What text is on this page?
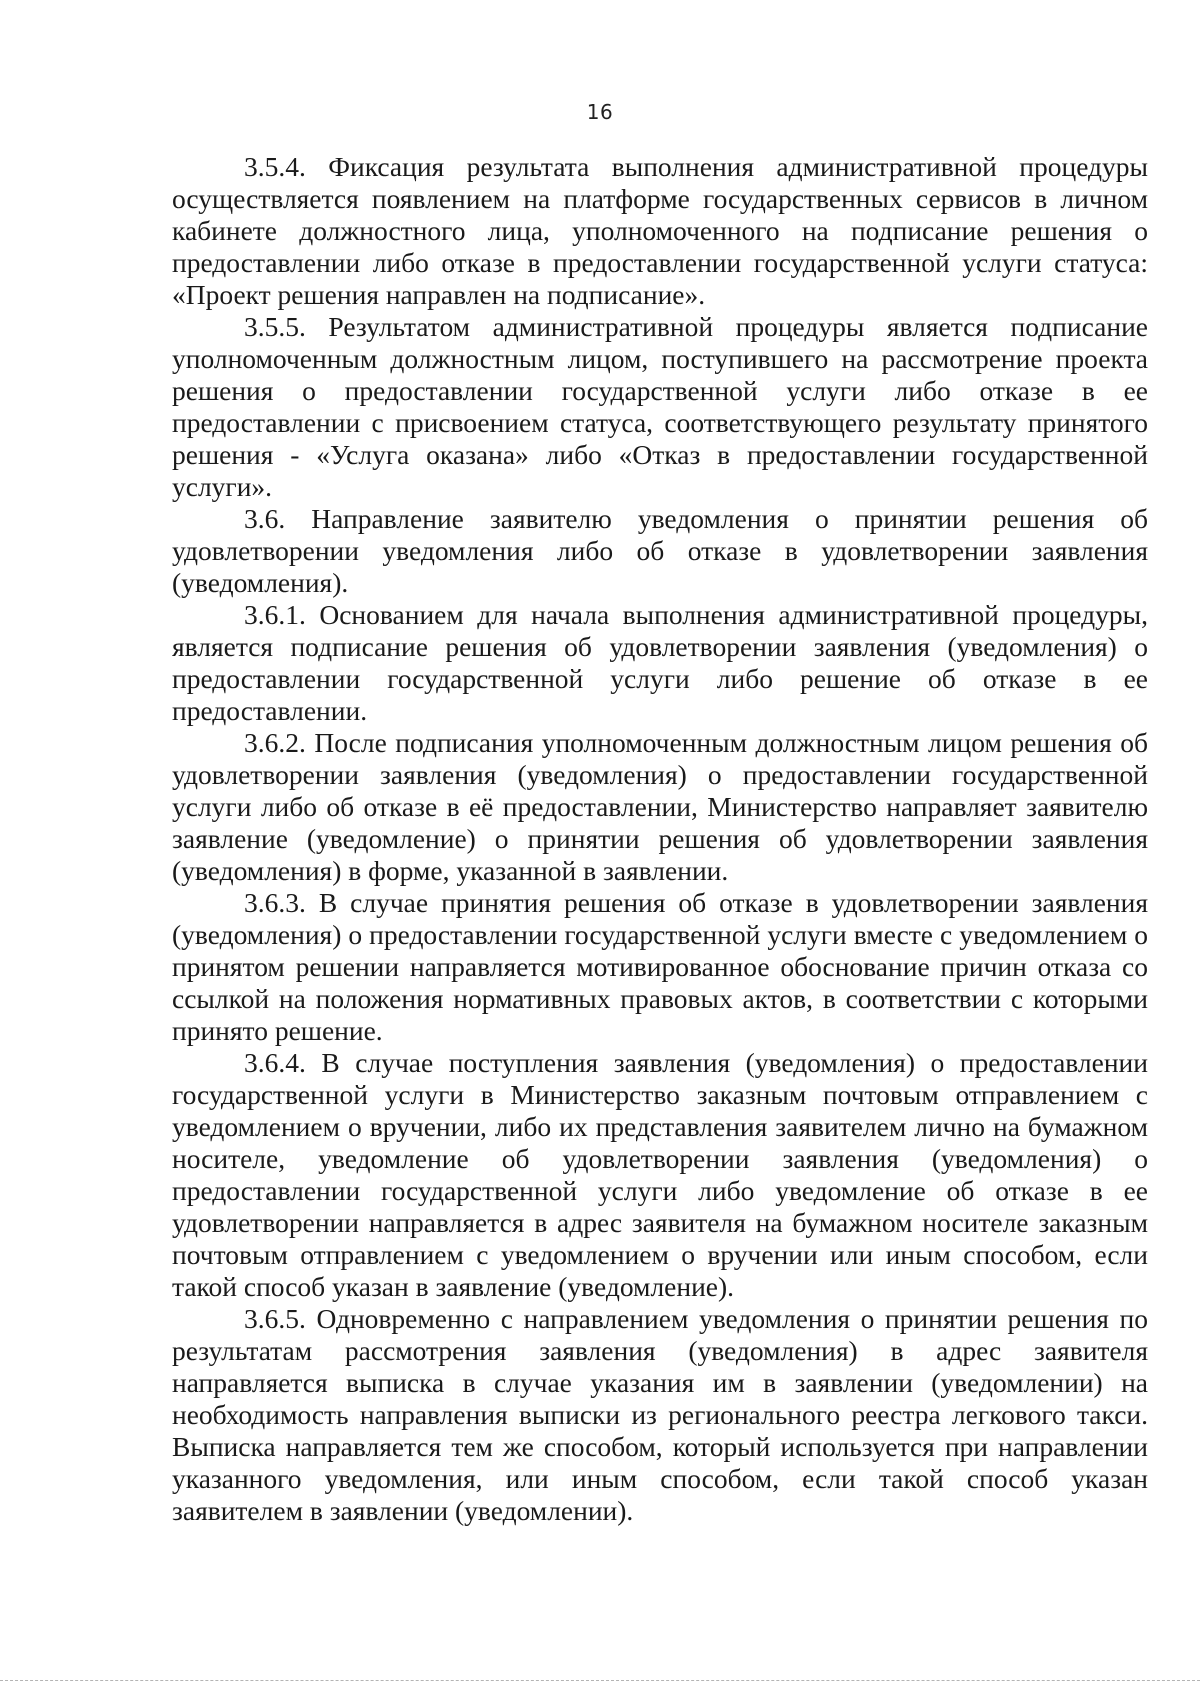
16

3.5.4. Фиксация результата выполнения административной процедуры осуществляется появлением на платформе государственных сервисов в личном кабинете должностного лица, уполномоченного на подписание решения о предоставлении либо отказе в предоставлении государственной услуги статуса: «Проект решения направлен на подписание».

3.5.5. Результатом административной процедуры является подписание уполномоченным должностным лицом, поступившего на рассмотрение проекта решения о предоставлении государственной услуги либо отказе в ее предоставлении с присвоением статуса, соответствующего результату принятого решения - «Услуга оказана» либо «Отказ в предоставлении государственной услуги».

3.6. Направление заявителю уведомления о принятии решения об удовлетворении уведомления либо об отказе в удовлетворении заявления (уведомления).

3.6.1. Основанием для начала выполнения административной процедуры, является подписание решения об удовлетворении заявления (уведомления) о предоставлении государственной услуги либо решение об отказе в ее предоставлении.

3.6.2. После подписания уполномоченным должностным лицом решения об удовлетворении заявления (уведомления) о предоставлении государственной услуги либо об отказе в её предоставлении, Министерство направляет заявителю заявление (уведомление) о принятии решения об удовлетворении заявления (уведомления) в форме, указанной в заявлении.

3.6.3. В случае принятия решения об отказе в удовлетворении заявления (уведомления) о предоставлении государственной услуги вместе с уведомлением о принятом решении направляется мотивированное обоснование причин отказа со ссылкой на положения нормативных правовых актов, в соответствии с которыми принято решение.

3.6.4. В случае поступления заявления (уведомления) о предоставлении государственной услуги в Министерство заказным почтовым отправлением с уведомлением о вручении, либо их представления заявителем лично на бумажном носителе, уведомление об удовлетворении заявления (уведомления) о предоставлении государственной услуги либо уведомление об отказе в ее удовлетворении направляется в адрес заявителя на бумажном носителе заказным почтовым отправлением с уведомлением о вручении или иным способом, если такой способ указан в заявление (уведомление).

3.6.5. Одновременно с направлением уведомления о принятии решения по результатам рассмотрения заявления (уведомления) в адрес заявителя направляется выписка в случае указания им в заявлении (уведомлении) на необходимость направления выписки из регионального реестра легкового такси. Выписка направляется тем же способом, который используется при направлении указанного уведомления, или иным способом, если такой способ указан заявителем в заявлении (уведомлении).
